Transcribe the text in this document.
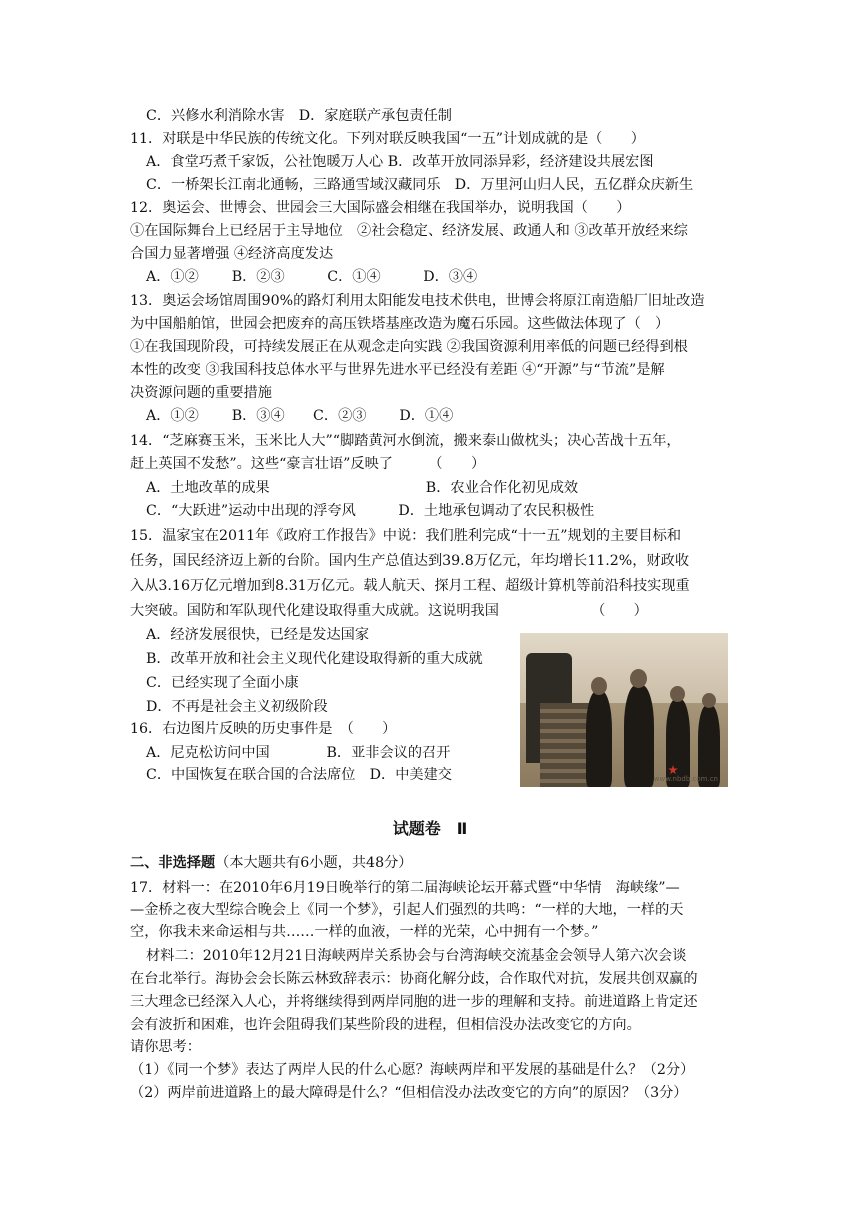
C．兴修水利消除水害　D．家庭联产承包责任制
11．对联是中华民族的传统文化。下列对联反映我国“一五”计划成就的是（　　）
A．食堂巧煮千家饭，公社饱暖万人心 B．改革开放同添异彩，经济建设共展宏图
C．一桥架长江南北通畅，三路通雪域汉藏同乐　D．万里河山归人民，五亿群众庆新生
12．奥运会、世博会、世园会三大国际盛会相继在我国举办，说明我国（　　）
①在国际舞台上已经居于主导地位　②社会稳定、经济发展、政通人和 ③改革开放经来综
合国力显著增强 ④经济高度发达
A．①②　　 B．②③　　　C．①④　　　D．③④
13．奥运会场馆周围90%的路灯利用太阳能发电技术供电，世博会将原江南造船厂旧址改造
为中国船舶馆，世园会把废弃的高压铁塔基座改造为魔石乐园。这些做法体现了（　）
①在我国现阶段，可持续发展正在从观念走向实践 ②我国资源利用率低的问题已经得到根
本性的改变 ③我国科技总体水平与世界先进水平已经没有差距 ④“开源”与“节流”是解
决资源问题的重要措施
A．①②　　 B．③④　　C．②③　　 D．①④
14．“芝麻赛玉米，玉米比人大”“脚踏黄河水倒流，搬来泰山做枕头；决心苦战十五年，
赶上英国不发愁”。这些“豪言壮语”反映了　　　（　　）
A．土地改革的成果　　　　　　　　　　　B．农业合作化初见成效
C．“大跃进”运动中出现的浮夸风　　　D．土地承包调动了农民积极性
15．温家宝在2011年《政府工作报告》中说：我们胜利完成“十一五”规划的主要目标和
任务，国民经济迈上新的台阶。国内生产总值达到39.8万亿元，年均增长11.2%，财政收
入从3.16万亿元增加到8.31万亿元。载人航天、探月工程、超级计算机等前沿科技实现重
大突破。国防和军队现代化建设取得重大成就。这说明我国　　　　　　　（　　）
A．经济发展很快，已经是发达国家
B．改革开放和社会主义现代化建设取得新的重大成就
C．已经实现了全面小康
D．不再是社会主义初级阶段
16．右边图片反映的历史事件是　（　　）
A．尼克松访问中国　　　　B．亚非会议的召开
C．中国恢复在联合国的合法席位　D．中美建交	www.nbdb.com.cn
试题卷　Ⅱ
二、非选择题（本大题共有6小题，共48分）
17．材料一：在2010年6月19日晚举行的第二届海峡论坛开幕式暨“中华情　海峡缘”—
—金桥之夜大型综合晚会上《同一个梦》，引起人们强烈的共鸣：“一样的大地，一样的天
空，你我未来命运相与共……一样的血液，一样的光荣，心中拥有一个梦。”
材料二：2010年12月21日海峡两岸关系协会与台湾海峡交流基金会领导人第六次会谈
在台北举行。海协会会长陈云林致辞表示：协商化解分歧，合作取代对抗，发展共创双赢的
三大理念已经深入人心，并将继续得到两岸同胞的进一步的理解和支持。前进道路上肯定还
会有波折和困难，也许会阻碍我们某些阶段的进程，但相信没办法改变它的方向。
请你思考：
（1）《同一个梦》表达了两岸人民的什么心愿？海峡两岸和平发展的基础是什么？（2分）
（2）两岸前进道路上的最大障碍是什么？“但相信没办法改变它的方向”的原因？（3分）
